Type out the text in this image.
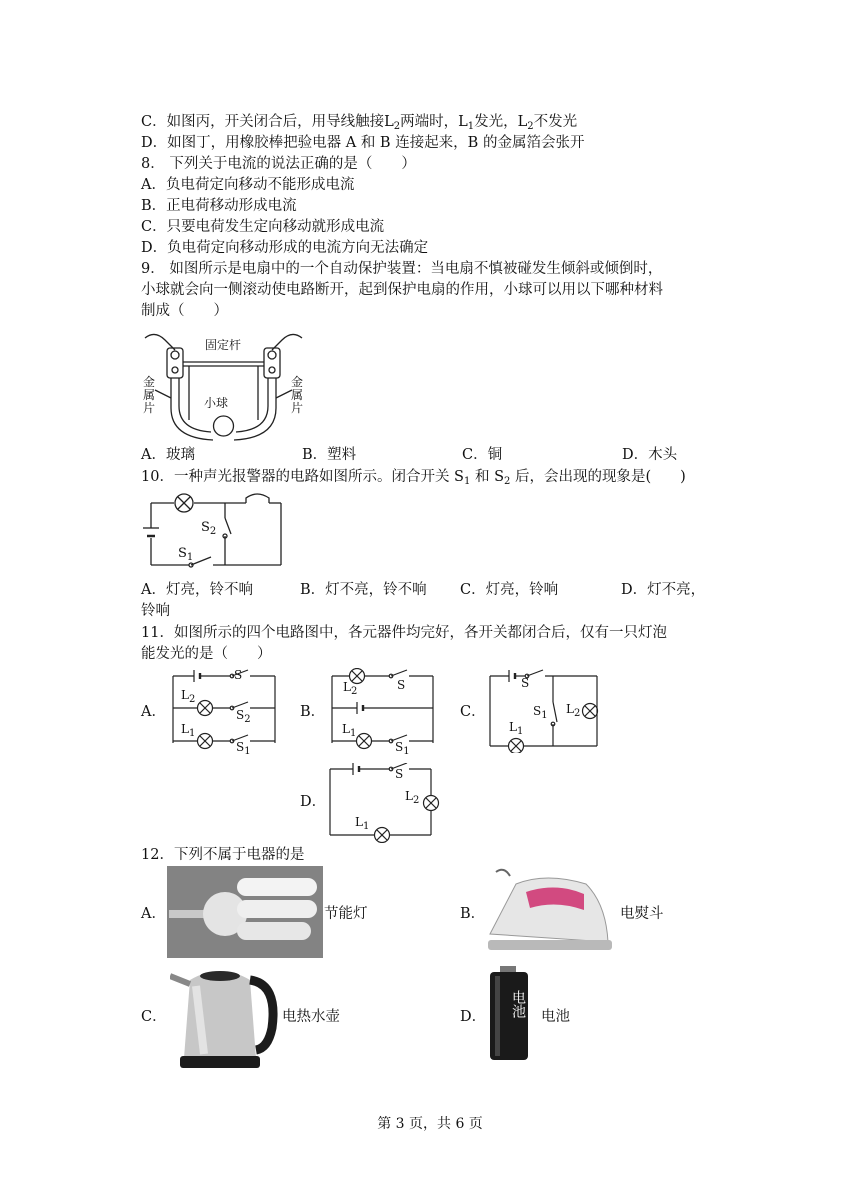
C．如图丙，开关闭合后，用导线触接$L_2$两端时，$L_1$发光，$L_2$不发光
D．如图丁，用橡胶棒把验电器 A 和 B 连接起来，B 的金属箔会张开
8． 下列关于电流的说法正确的是（　　）
A．负电荷定向移动不能形成电流
B．正电荷移动形成电流
C．只要电荷发生定向移动就形成电流
D．负电荷定向移动形成的电流方向无法确定
9． 如图所示是电扇中的一个自动保护装置：当电扇不慎被碰发生倾斜或倾倒时，
小球就会向一侧滚动使电路断开，起到保护电扇的作用，小球可以用以下哪种材料
制成（　　）
固定杆
小球
金属片
金属片
A．玻璃	B．塑料	C．铜	D．木头
10．一种声光报警器的电路如图所示。闭合开关 $S_1$ 和 $S_2$ 后，会出现的现象是(　　)
$S_2$
$S_1$
A．灯亮，铃不响	B．灯不亮，铃不响 C．灯亮，铃响	D．灯不亮，
铃响
11．如图所示的四个电路图中，各元器件均完好，各开关都闭合后，仅有一只灯泡
能发光的是（　　）
A．
S
$L_2$
$S_2$
$L_1$
$S_1$
B．
$L_2$	S
$L_1$
$S_1$
C．
S
$S_1$ $L_2$
$L_1$
D．
S
$L_2$
$L_1$
12．下列不属于电器的是
A．	节能灯	B．	电熨斗
C．	电热水壶	D． 电池 电池
第 3 页，共 6 页
